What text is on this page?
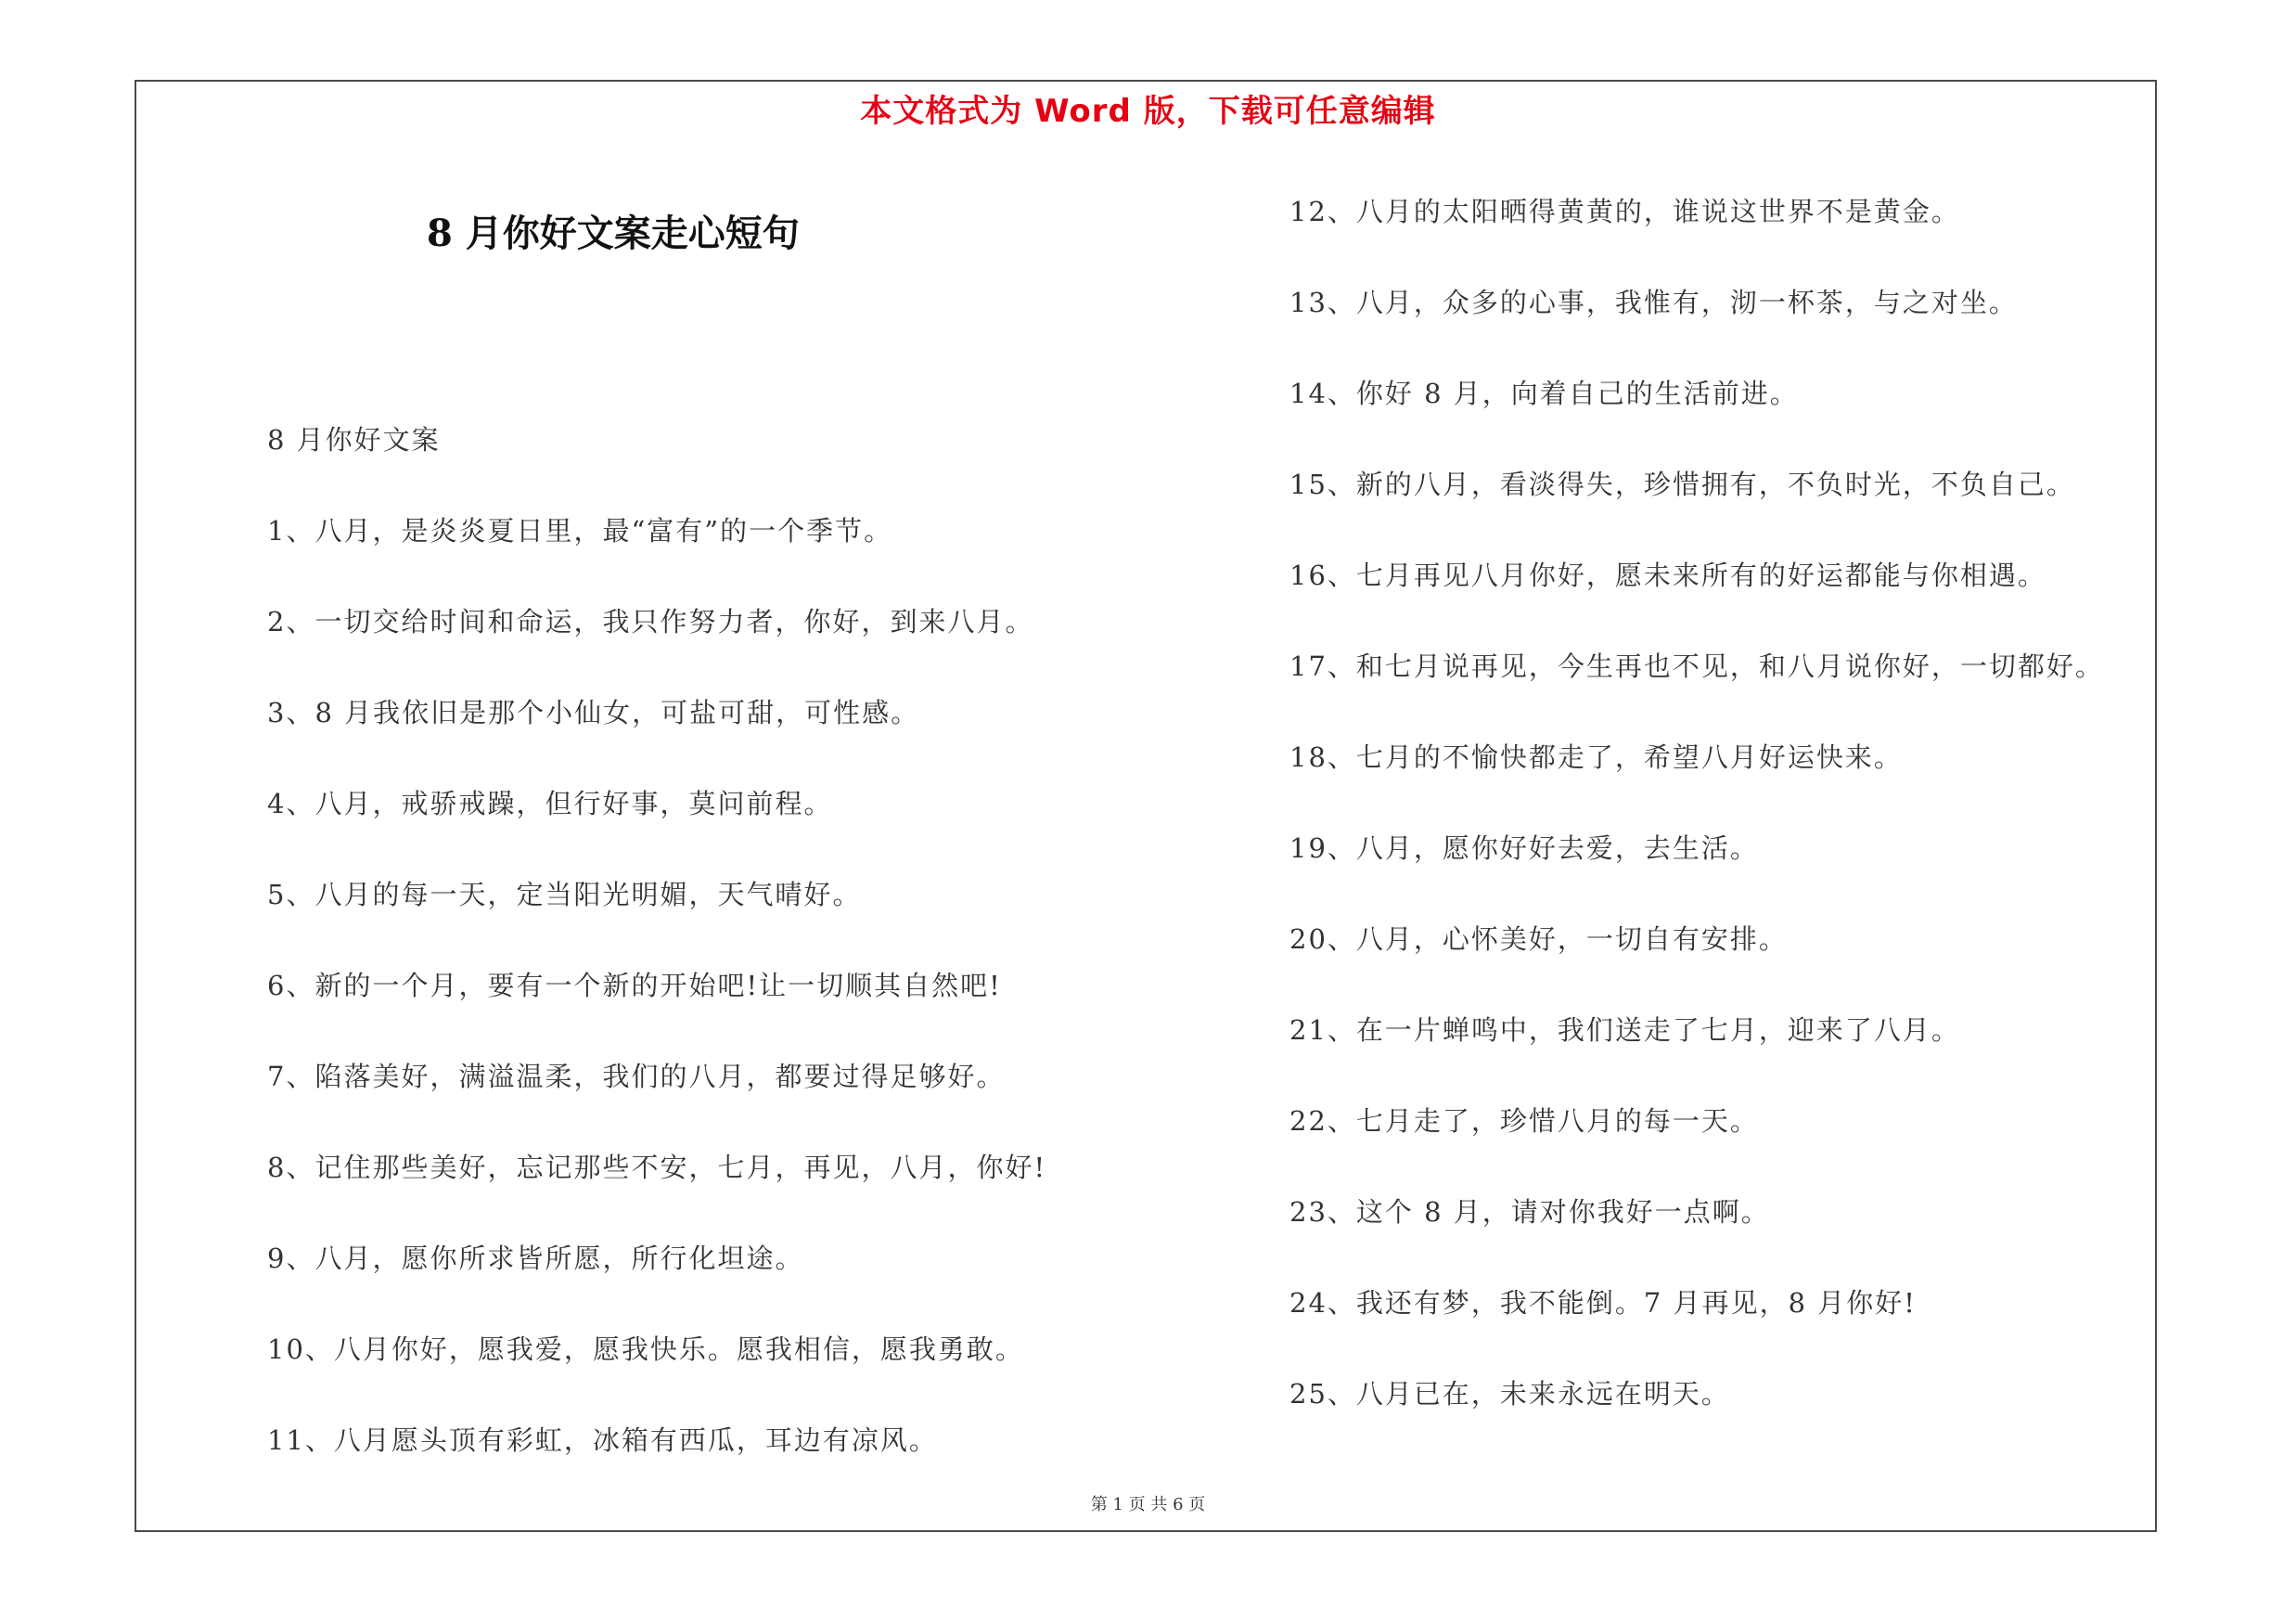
本文格式为 Word 版，下载可任意编辑
8 月你好文案走心短句
8 月你好文案
1、八月，是炎炎夏日里，最“富有”的一个季节。
2、一切交给时间和命运，我只作努力者，你好，到来八月。
3、8 月我依旧是那个小仙女，可盐可甜，可性感。
4、八月，戒骄戒躁，但行好事，莫问前程。
5、八月的每一天，定当阳光明媚，天气晴好。
6、新的一个月，要有一个新的开始吧!让一切顺其自然吧!
7、陷落美好，满溢温柔，我们的八月，都要过得足够好。
8、记住那些美好，忘记那些不安，七月，再见，八月，你好!
9、八月，愿你所求皆所愿，所行化坦途。
10、八月你好，愿我爱，愿我快乐。愿我相信，愿我勇敢。
11、八月愿头顶有彩虹，冰箱有西瓜，耳边有凉风。
12、八月的太阳晒得黄黄的，谁说这世界不是黄金。
13、八月，众多的心事，我惟有，沏一杯茶，与之对坐。
14、你好 8 月，向着自己的生活前进。
15、新的八月，看淡得失，珍惜拥有，不负时光，不负自己。
16、七月再见八月你好，愿未来所有的好运都能与你相遇。
17、和七月说再见，今生再也不见，和八月说你好，一切都好。
18、七月的不愉快都走了，希望八月好运快来。
19、八月，愿你好好去爱，去生活。
20、八月，心怀美好，一切自有安排。
21、在一片蝉鸣中，我们送走了七月，迎来了八月。
22、七月走了，珍惜八月的每一天。
23、这个 8 月，请对你我好一点啊。
24、我还有梦，我不能倒。7 月再见，8 月你好!
25、八月已在，未来永远在明天。
第 1 页 共 6 页
